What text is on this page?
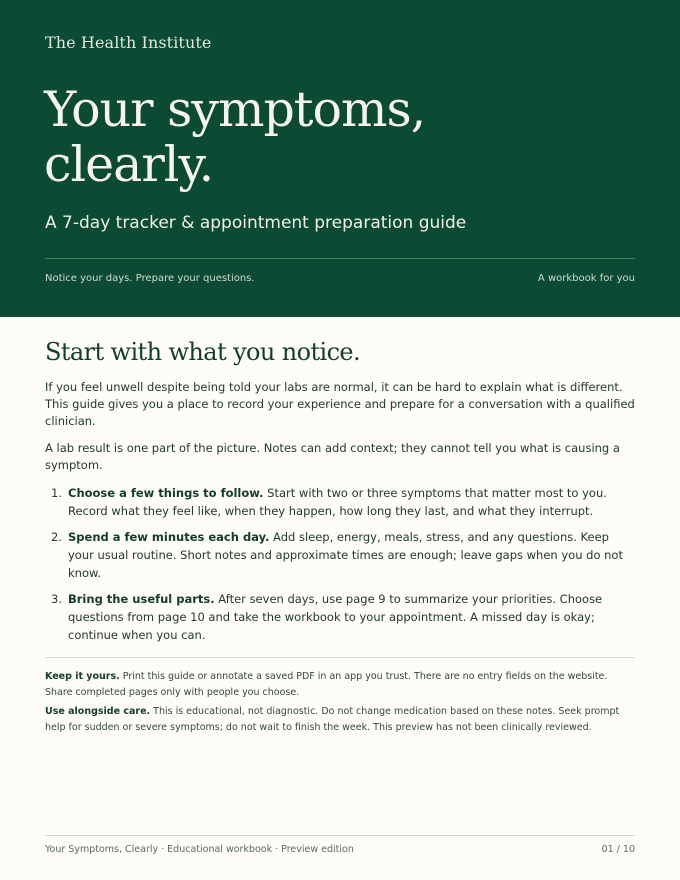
The Health Institute
Your symptoms,
clearly.
A 7-day tracker & appointment preparation guide
Notice your days. Prepare your questions.	A workbook for you
Start with what you notice.

If you feel unwell despite being told your labs are normal, it can be hard to explain what is different. This guide gives you a place to record your experience and prepare for a conversation with a qualified clinician.

A lab result is one part of the picture. Notes can add context; they cannot tell you what is causing a symptom.

1. Choose a few things to follow. Start with two or three symptoms that matter most to you. Record what they feel like, when they happen, how long they last, and what they interrupt.
2. Spend a few minutes each day. Add sleep, energy, meals, stress, and any questions. Keep your usual routine. Short notes and approximate times are enough; leave gaps when you do not know.
3. Bring the useful parts. After seven days, use page 9 to summarize your priorities. Choose questions from page 10 and take the workbook to your appointment. A missed day is okay; continue when you can.

Keep it yours. Print this guide or annotate a saved PDF in an app you trust. There are no entry fields on the website. Share completed pages only with people you choose.

Use alongside care. This is educational, not diagnostic. Do not change medication based on these notes. Seek prompt help for sudden or severe symptoms; do not wait to finish the week. This preview has not been clinically reviewed.

Your Symptoms, Clearly · Educational workbook · Preview edition	01 / 10
